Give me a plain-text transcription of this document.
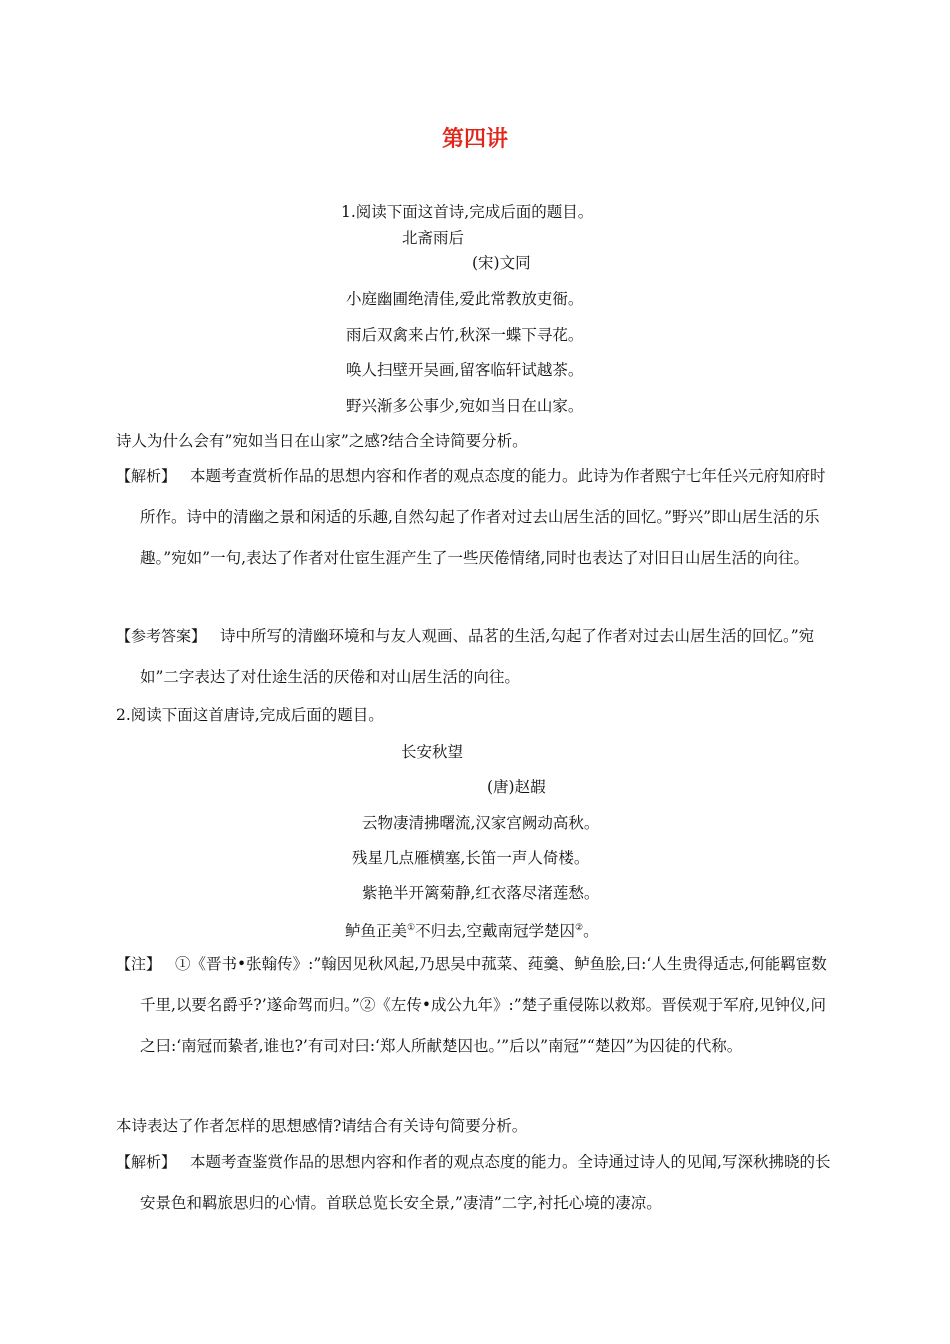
第四讲
1.阅读下面这首诗,完成后面的题目。
北斋雨后
(宋)文同
小庭幽圃绝清佳,爱此常教放吏衙。
雨后双禽来占竹,秋深一蝶下寻花。
唤人扫壁开吴画,留客临轩试越茶。
野兴渐多公事少,宛如当日在山家。
诗人为什么会有”宛如当日在山家”之感?结合全诗简要分析。
【解析】 本题考查赏析作品的思想内容和作者的观点态度的能力。此诗为作者熙宁七年任兴元府知府时所作。诗中的清幽之景和闲适的乐趣,自然勾起了作者对过去山居生活的回忆。”野兴”即山居生活的乐趣。”宛如”一句,表达了作者对仕宦生涯产生了一些厌倦情绪,同时也表达了对旧日山居生活的向往。
【参考答案】 诗中所写的清幽环境和与友人观画、品茗的生活,勾起了作者对过去山居生活的回忆。”宛如”二字表达了对仕途生活的厌倦和对山居生活的向往。
2.阅读下面这首唐诗,完成后面的题目。
长安秋望
(唐)赵嘏
云物凄清拂曙流,汉家宫阙动高秋。
残星几点雁横塞,长笛一声人倚楼。
紫艳半开篱菊静,红衣落尽渚莲愁。
鲈鱼正美①不归去,空戴南冠学楚囚②。
【注】 ①《晋书•张翰传》:”翰因见秋风起,乃思吴中菰菜、莼羹、鲈鱼脍,曰:‘人生贵得适志,何能羁宦数千里,以要名爵乎?’遂命驾而归。”②《左传•成公九年》:”楚子重侵陈以救郑。晋侯观于军府,见钟仪,问之曰:‘南冠而絷者,谁也?’有司对曰:‘郑人所献楚囚也。’”后以”南冠”“楚囚”为囚徒的代称。
本诗表达了作者怎样的思想感情?请结合有关诗句简要分析。
【解析】 本题考查鉴赏作品的思想内容和作者的观点态度的能力。全诗通过诗人的见闻,写深秋拂晓的长安景色和羁旅思归的心情。首联总览长安全景,”凄清”二字,衬托心境的凄凉。
